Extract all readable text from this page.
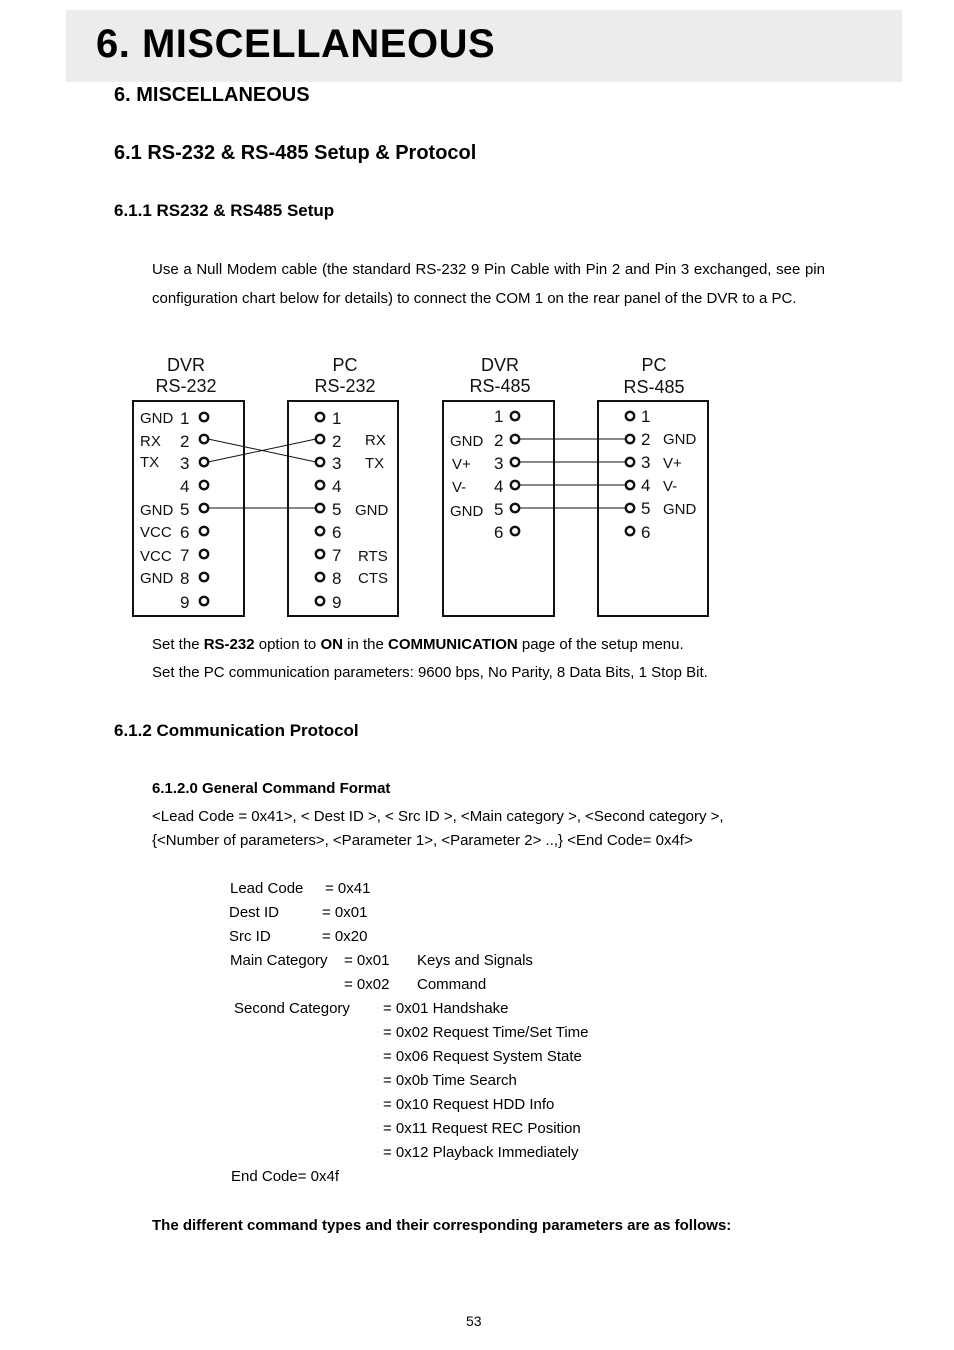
6. MISCELLANEOUS
6. MISCELLANEOUS
6.1 RS-232 & RS-485 Setup & Protocol
6.1.1 RS232 & RS485 Setup
Use a Null Modem cable (the standard RS-232 9 Pin Cable with Pin 2 and Pin 3 exchanged, see pin configuration chart below for details) to connect the COM 1 on the rear panel of the DVR to a PC.
DVR
RS-232
PC
RS-232
DVR
RS-485
PC
RS-485
GND
RX
TX
GND
VCC
VCC
GND
1
2
3
4
5
6
7
8
9
1
2
3
4
5
6
7
8
9
RX
TX
GND
RTS
CTS
GND
V+
V-
GND
1
2
3
4
5
6
1
2
3
4
5
6
GND
V+
V-
GND
Set the RS-232 option to ON in the COMMUNICATION page of the setup menu.
Set the PC communication parameters: 9600 bps, No Parity, 8 Data Bits, 1 Stop Bit.
6.1.2 Communication Protocol
6.1.2.0 General Command Format
<Lead Code = 0x41>, < Dest ID >, < Src ID >, <Main category >, <Second category >,
{<Number of parameters>, <Parameter 1>, <Parameter 2> ..,} <End Code= 0x4f>
Lead Code = 0x41
Dest ID	= 0x01
Src ID	= 0x20
Main Category = 0x01 Keys and Signals
= 0x02 Command
Second Category = 0x01 Handshake
= 0x02 Request Time/Set Time
= 0x06 Request System State
= 0x0b Time Search
= 0x10 Request HDD Info
= 0x11 Request REC Position
= 0x12 Playback Immediately
End Code= 0x4f
The different command types and their corresponding parameters are as follows:
53
